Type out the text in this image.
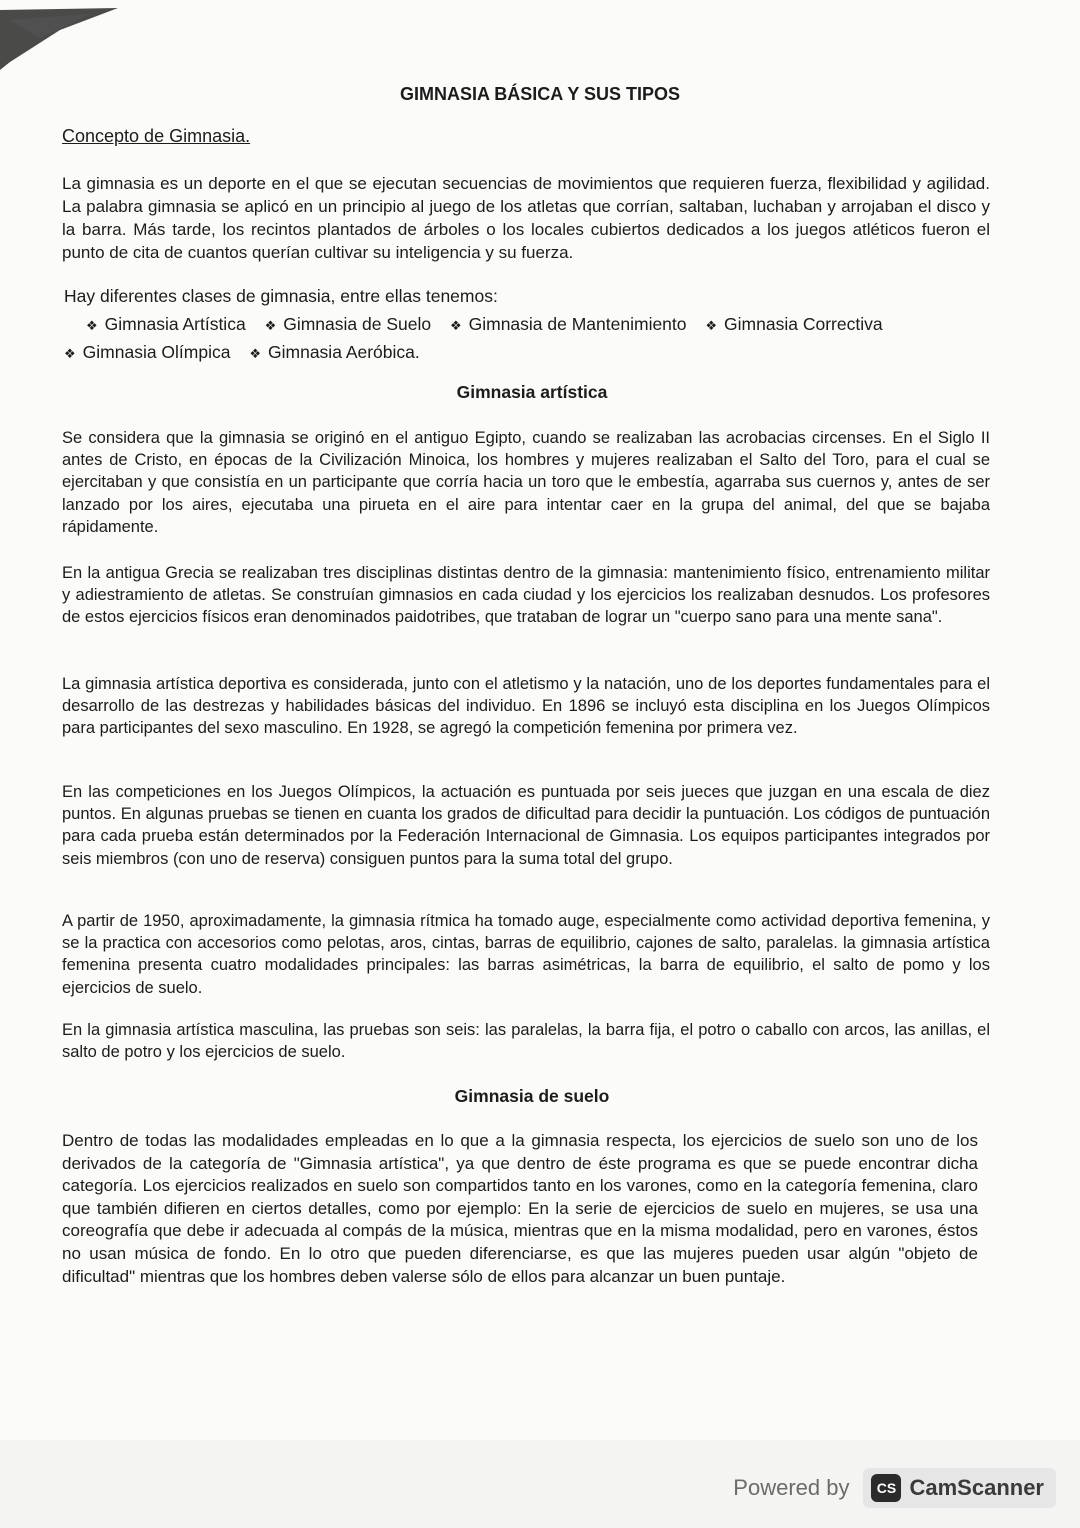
GIMNASIA BÁSICA Y SUS TIPOS
Concepto de Gimnasia.

La gimnasia es un deporte en el que se ejecutan secuencias de movimientos que requieren fuerza, flexibilidad y agilidad. La palabra gimnasia se aplicó en un principio al juego de los atletas que corrían, saltaban, luchaban y arrojaban el disco y la barra. Más tarde, los recintos plantados de árboles o los locales cubiertos dedicados a los juegos atléticos fueron el punto de cita de cuantos querían cultivar su inteligencia y su fuerza.

Hay diferentes clases de gimnasia, entre ellas tenemos:

❖ Gimnasia Artística ❖ Gimnasia de Suelo ❖ Gimnasia de Mantenimiento ❖ Gimnasia Correctiva ❖ Gimnasia Olímpica ❖ Gimnasia Aeróbica.
Gimnasia artística

Se considera que la gimnasia se originó en el antiguo Egipto, cuando se realizaban las acrobacias circenses. En el Siglo II antes de Cristo, en épocas de la Civilización Minoica, los hombres y mujeres realizaban el Salto del Toro, para el cual se ejercitaban y que consistía en un participante que corría hacia un toro que le embestía, agarraba sus cuernos y, antes de ser lanzado por los aires, ejecutaba una pirueta en el aire para intentar caer en la grupa del animal, del que se bajaba rápidamente.

En la antigua Grecia se realizaban tres disciplinas distintas dentro de la gimnasia: mantenimiento físico, entrenamiento militar y adiestramiento de atletas. Se construían gimnasios en cada ciudad y los ejercicios los realizaban desnudos. Los profesores de estos ejercicios físicos eran denominados paidotribes, que trataban de lograr un "cuerpo sano para una mente sana".

La gimnasia artística deportiva es considerada, junto con el atletismo y la natación, uno de los deportes fundamentales para el desarrollo de las destrezas y habilidades básicas del individuo. En 1896 se incluyó esta disciplina en los Juegos Olímpicos para participantes del sexo masculino. En 1928, se agregó la competición femenina por primera vez.

En las competiciones en los Juegos Olímpicos, la actuación es puntuada por seis jueces que juzgan en una escala de diez puntos. En algunas pruebas se tienen en cuanta los grados de dificultad para decidir la puntuación. Los códigos de puntuación para cada prueba están determinados por la Federación Internacional de Gimnasia. Los equipos participantes integrados por seis miembros (con uno de reserva) consiguen puntos para la suma total del grupo.

A partir de 1950, aproximadamente, la gimnasia rítmica ha tomado auge, especialmente como actividad deportiva femenina, y se la practica con accesorios como pelotas, aros, cintas, barras de equilibrio, cajones de salto, paralelas. la gimnasia artística femenina presenta cuatro modalidades principales: las barras asimétricas, la barra de equilibrio, el salto de pomo y los ejercicios de suelo.

En la gimnasia artística masculina, las pruebas son seis: las paralelas, la barra fija, el potro o caballo con arcos, las anillas, el salto de potro y los ejercicios de suelo.

Gimnasia de suelo

Dentro de todas las modalidades empleadas en lo que a la gimnasia respecta, los ejercicios de suelo son uno de los derivados de la categoría de "Gimnasia artística", ya que dentro de éste programa es que se puede encontrar dicha categoría. Los ejercicios realizados en suelo son compartidos tanto en los varones, como en la categoría femenina, claro que también difieren en ciertos detalles, como por ejemplo: En la serie de ejercicios de suelo en mujeres, se usa una coreografía que debe ir adecuada al compás de la música, mientras que en la misma modalidad, pero en varones, éstos no usan música de fondo. En lo otro que pueden diferenciarse, es que las mujeres pueden usar algún "objeto de dificultad" mientras que los hombres deben valerse sólo de ellos para alcanzar un buen puntaje.

Powered by	CS CamScanner
